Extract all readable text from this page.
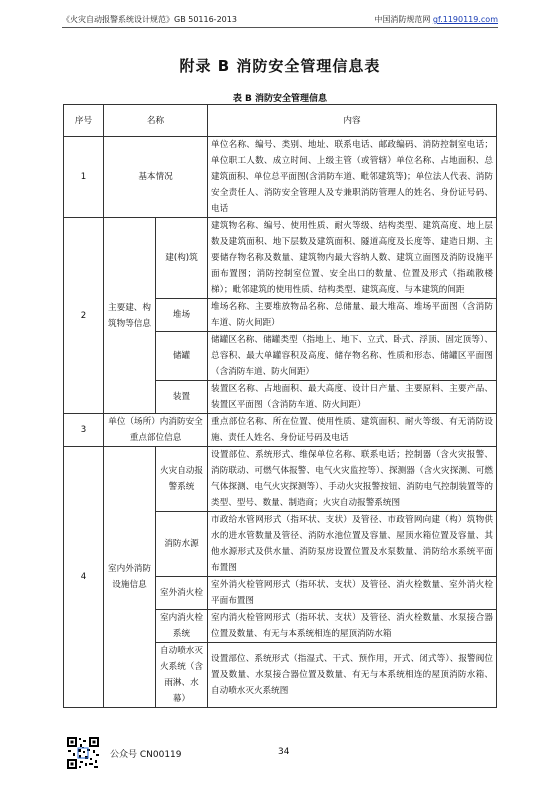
《火灾自动报警系统设计规范》GB 50116-2013	中国消防规范网 gf.1190119.com
附录 B 消防安全管理信息表
表 B 消防安全管理信息
序号	名称		内容
1	基本情况		单位名称、编号、类别、地址、联系电话、邮政编码、消防控制室电话；单位职工人数、成立时间、上级主管（或管辖）单位名称、占地面积、总建筑面积、单位总平面图(含消防车道、毗邻建筑等)；单位法人代表、消防安全责任人、消防安全管理人及专兼职消防管理人的姓名、身份证号码、电话
2	主要建、构筑物等信息	建(构)筑	建筑物名称、编号、使用性质、耐火等级、结构类型、建筑高度、地上层数及建筑面积、地下层数及建筑面积、隧道高度及长度等、建造日期、主要储存物名称及数量、建筑物内最大容纳人数、建筑立面图及消防设施平面布置图；消防控制室位置、安全出口的数量、位置及形式（指疏散楼梯）；毗邻建筑的使用性质、结构类型、建筑高度、与本建筑的间距
		堆场	堆场名称、主要堆放物品名称、总储量、最大堆高、堆场平面图（含消防车道、防火间距）
		储罐	储罐区名称、储罐类型（指地上、地下、立式、卧式、浮顶、固定顶等）、总容积、最大单罐容积及高度、储存物名称、性质和形态、储罐区平面图（含消防车道、防火间距）
		装置	装置区名称、占地面积、最大高度、设计日产量、主要原料、主要产品、装置区平面图（含消防车道、防火间距）
3	单位（场所）内消防安全重点部位信息		重点部位名称、所在位置、使用性质、建筑面积、耐火等级、有无消防设施、责任人姓名、身份证号码及电话
4	室内外消防设施信息	火灾自动报警系统	设置部位、系统形式、维保单位名称、联系电话；控制器（含火灾报警、消防联动、可燃气体报警、电气火灾监控等）、探测器（含火灾探测、可燃气体探测、电气火灾探测等）、手动火灾报警按钮、消防电气控制装置等的类型、型号、数量、制造商；火灾自动报警系统图
		消防水源	市政给水管网形式（指环状、支状）及管径、市政管网向建（构）筑物供水的进水管数量及管径、消防水池位置及容量、屋顶水箱位置及容量、其他水源形式及供水量、消防泵房设置位置及水泵数量、消防给水系统平面布置图
		室外消火栓	室外消火栓管网形式（指环状、支状）及管径、消火栓数量、室外消火栓平面布置图
		室内消火栓系统	室内消火栓管网形式（指环状、支状）及管径、消火栓数量、水泵接合器位置及数量、有无与本系统相连的屋顶消防水箱
		自动喷水灭火系统（含雨淋、水幕）	设置部位、系统形式（指湿式、干式、预作用，开式、闭式等）、报警阀位置及数量、水泵接合器位置及数量、有无与本系统相连的屋顶消防水箱、自动喷水灭火系统图
公众号 CN00119	34
